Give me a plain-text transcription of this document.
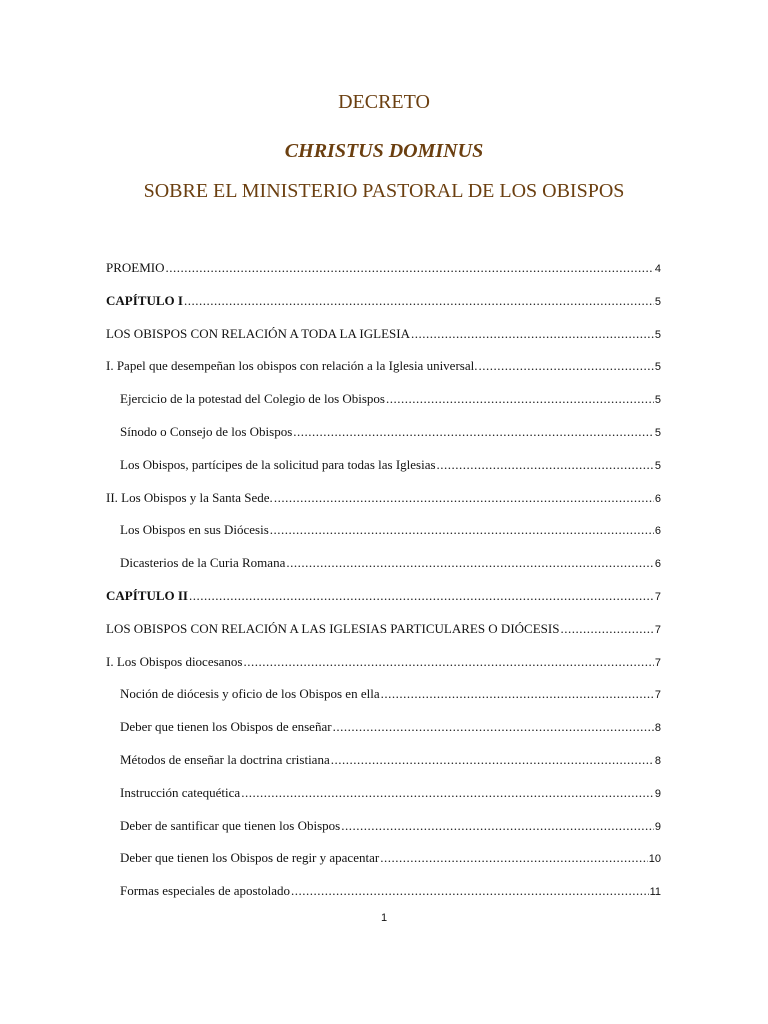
DECRETO
CHRISTUS DOMINUS
SOBRE EL MINISTERIO PASTORAL DE LOS OBISPOS
PROEMIO .....	4
CAPÍTULO I .....	5
LOS OBISPOS CON RELACIÓN A TODA LA IGLESIA .....	5
I. Papel que desempeñan los obispos con relación a la Iglesia universal. .....	5
Ejercicio de la potestad del Colegio de los Obispos .....	5
Sínodo o Consejo de los Obispos .....	5
Los Obispos, partícipes de la solicitud para todas las Iglesias .....	5
II. Los Obispos y la Santa Sede. .....	6
Los Obispos en sus Diócesis .....	6
Dicasterios de la Curia Romana .....	6
CAPÍTULO II .....	7
LOS OBISPOS CON RELACIÓN A LAS IGLESIAS PARTICULARES O DIÓCESIS .....	7
I. Los Obispos diocesanos .....	7
Noción de diócesis y oficio de los Obispos en ella .....	7
Deber que tienen los Obispos de enseñar .....	8
Métodos de enseñar la doctrina cristiana .....	8
Instrucción catequética .....	9
Deber de santificar que tienen los Obispos .....	9
Deber que tienen los Obispos de regir y apacentar .....	10
Formas especiales de apostolado .....	11
1
